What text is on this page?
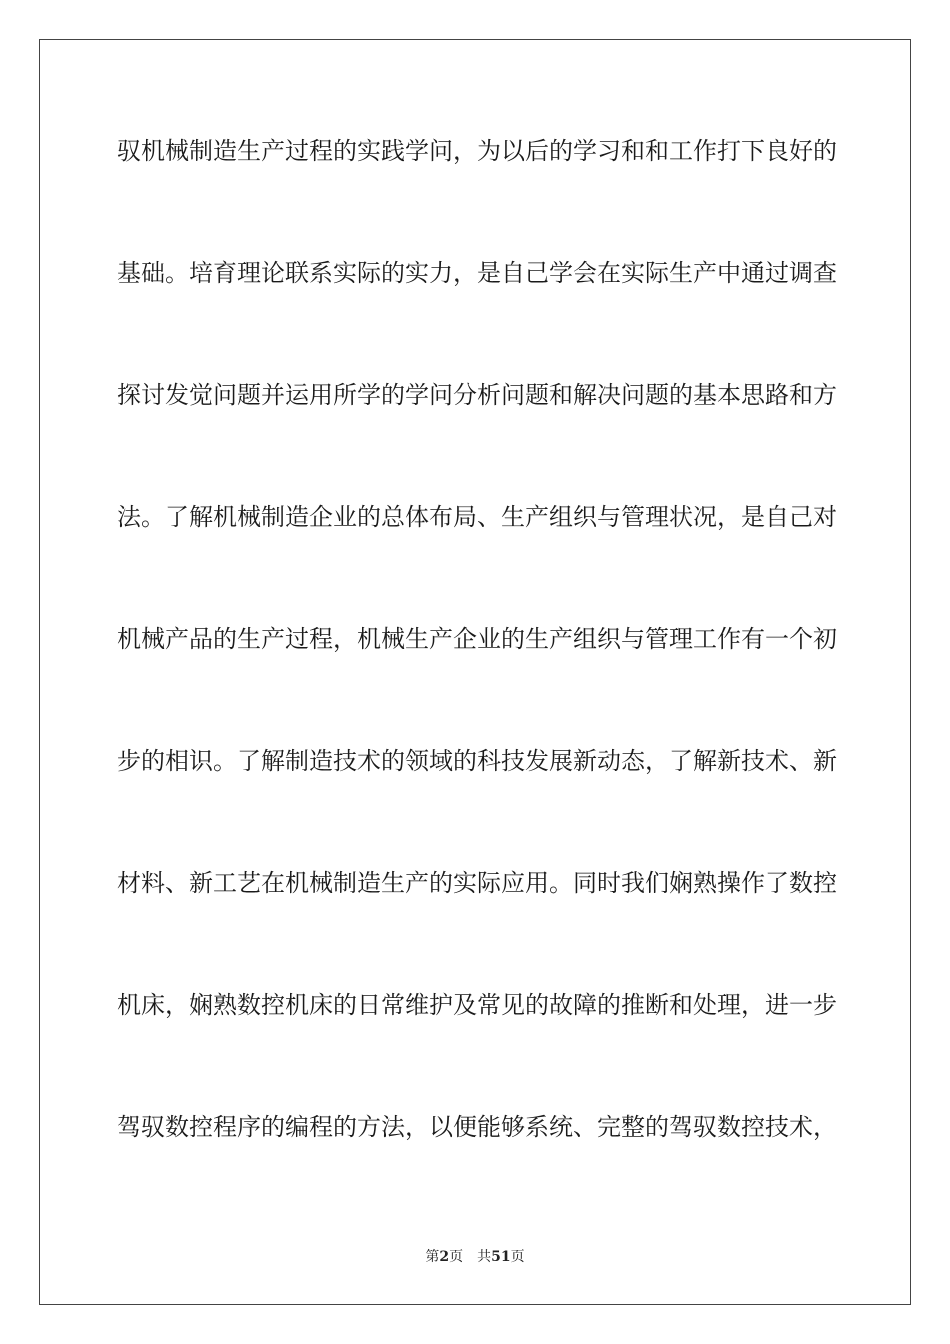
驭机械制造生产过程的实践学问，为以后的学习和和工作打下良好的
基础。培育理论联系实际的实力，是自己学会在实际生产中通过调查
探讨发觉问题并运用所学的学问分析问题和解决问题的基本思路和方
法。了解机械制造企业的总体布局、生产组织与管理状况，是自己对
机械产品的生产过程，机械生产企业的生产组织与管理工作有一个初
步的相识。了解制造技术的领域的科技发展新动态，了解新技术、新
材料、新工艺在机械制造生产的实际应用。同时我们娴熟操作了数控
机床，娴熟数控机床的日常维护及常见的故障的推断和处理，进一步
驾驭数控程序的编程的方法，以便能够系统、完整的驾驭数控技术，
第2页 共51页
